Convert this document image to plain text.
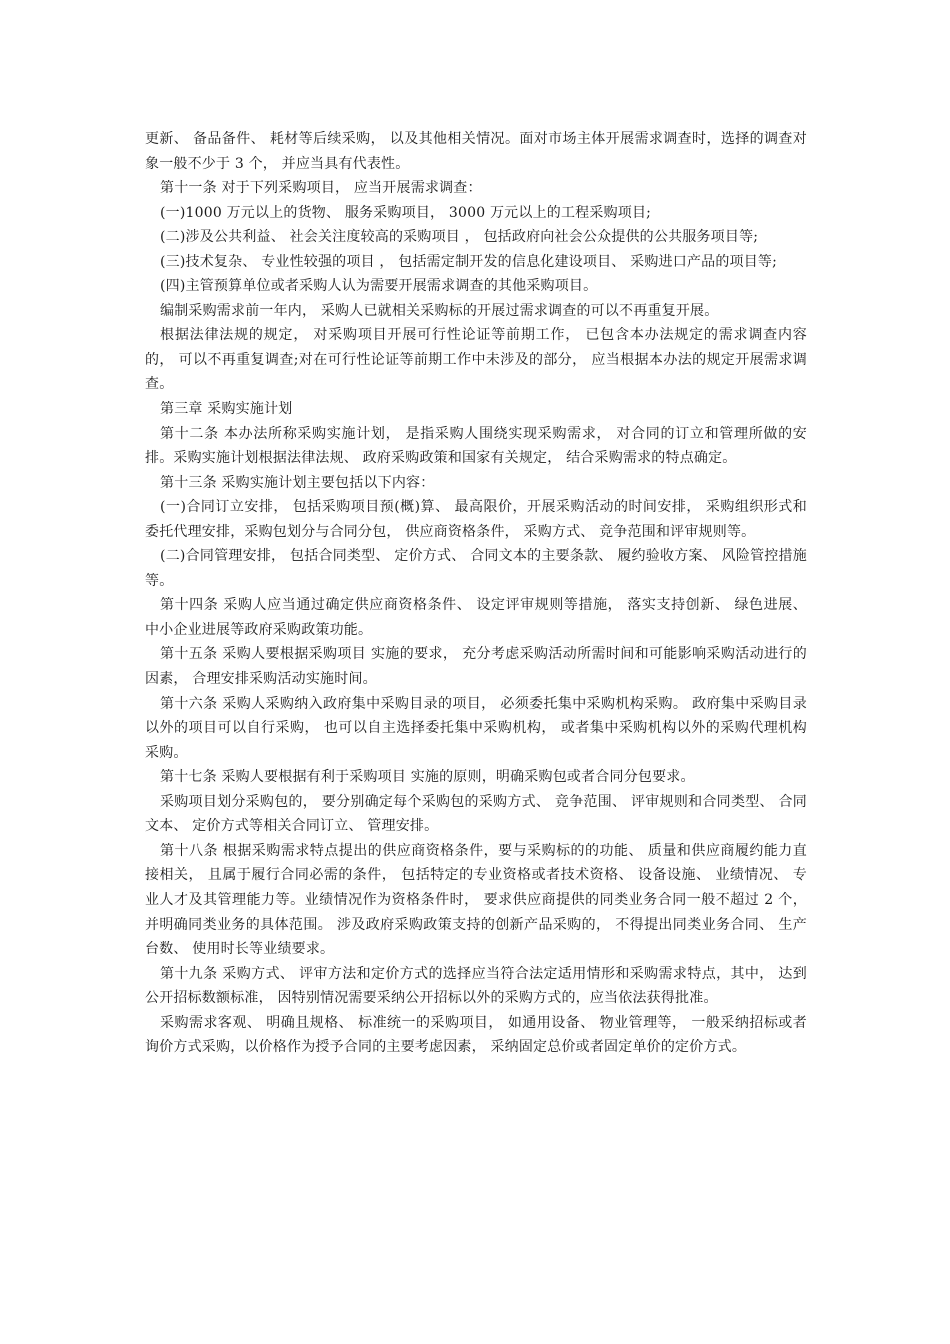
更新、 备品备件、 耗材等后续采购， 以及其他相关情况。面对市场主体开展需求调查时，选择的调查对象一般不少于 3 个， 并应当具有代表性。

第十一条 对于下列采购项目， 应当开展需求调查：

(一)1000 万元以上的货物、 服务采购项目， 3000 万元以上的工程采购项目;

(二)涉及公共利益、 社会关注度较高的采购项目 ， 包括政府向社会公众提供的公共服务项目等;

(三)技术复杂、 专业性较强的项目 ， 包括需定制开发的信息化建设项目、 采购进口产品的项目等;

(四)主管预算单位或者采购人认为需要开展需求调查的其他采购项目。

编制采购需求前一年内， 采购人已就相关采购标的开展过需求调查的可以不再重复开展。

根据法律法规的规定， 对采购项目开展可行性论证等前期工作， 已包含本办法规定的需求调查内容的， 可以不再重复调查;对在可行性论证等前期工作中未涉及的部分， 应当根据本办法的规定开展需求调查。

第三章 采购实施计划

第十二条 本办法所称采购实施计划， 是指采购人围绕实现采购需求， 对合同的订立和管理所做的安排。采购实施计划根据法律法规、 政府采购政策和国家有关规定， 结合采购需求的特点确定。

第十三条 采购实施计划主要包括以下内容：

(一)合同订立安排， 包括采购项目预(概)算、 最高限价，开展采购活动的时间安排， 采购组织形式和委托代理安排，采购包划分与合同分包， 供应商资格条件， 采购方式、 竞争范围和评审规则等。

(二)合同管理安排， 包括合同类型、 定价方式、 合同文本的主要条款、 履约验收方案、 风险管控措施等。

第十四条 采购人应当通过确定供应商资格条件、 设定评审规则等措施， 落实支持创新、 绿色进展、 中小企业进展等政府采购政策功能。

第十五条 采购人要根据采购项目 实施的要求， 充分考虑采购活动所需时间和可能影响采购活动进行的因素， 合理安排采购活动实施时间。

第十六条 采购人采购纳入政府集中采购目录的项目， 必须委托集中采购机构采购。 政府集中采购目录以外的项目可以自行采购， 也可以自主选择委托集中采购机构， 或者集中采购机构以外的采购代理机构采购。

第十七条 采购人要根据有利于采购项目 实施的原则，明确采购包或者合同分包要求。

采购项目划分采购包的， 要分别确定每个采购包的采购方式、 竞争范围、 评审规则和合同类型、 合同文本、 定价方式等相关合同订立、 管理安排。

第十八条 根据采购需求特点提出的供应商资格条件，要与采购标的的功能、 质量和供应商履约能力直接相关， 且属于履行合同必需的条件， 包括特定的专业资格或者技术资格、 设备设施、 业绩情况、 专业人才及其管理能力等。业绩情况作为资格条件时， 要求供应商提供的同类业务合同一般不超过 2 个， 并明确同类业务的具体范围。 涉及政府采购政策支持的创新产品采购的， 不得提出同类业务合同、 生产台数、 使用时长等业绩要求。

第十九条 采购方式、 评审方法和定价方式的选择应当符合法定适用情形和采购需求特点，其中， 达到公开招标数额标准， 因特别情况需要采纳公开招标以外的采购方式的，应当依法获得批准。

采购需求客观、 明确且规格、 标准统一的采购项目， 如通用设备、 物业管理等， 一般采纳招标或者询价方式采购，以价格作为授予合同的主要考虑因素， 采纳固定总价或者固定单价的定价方式。
